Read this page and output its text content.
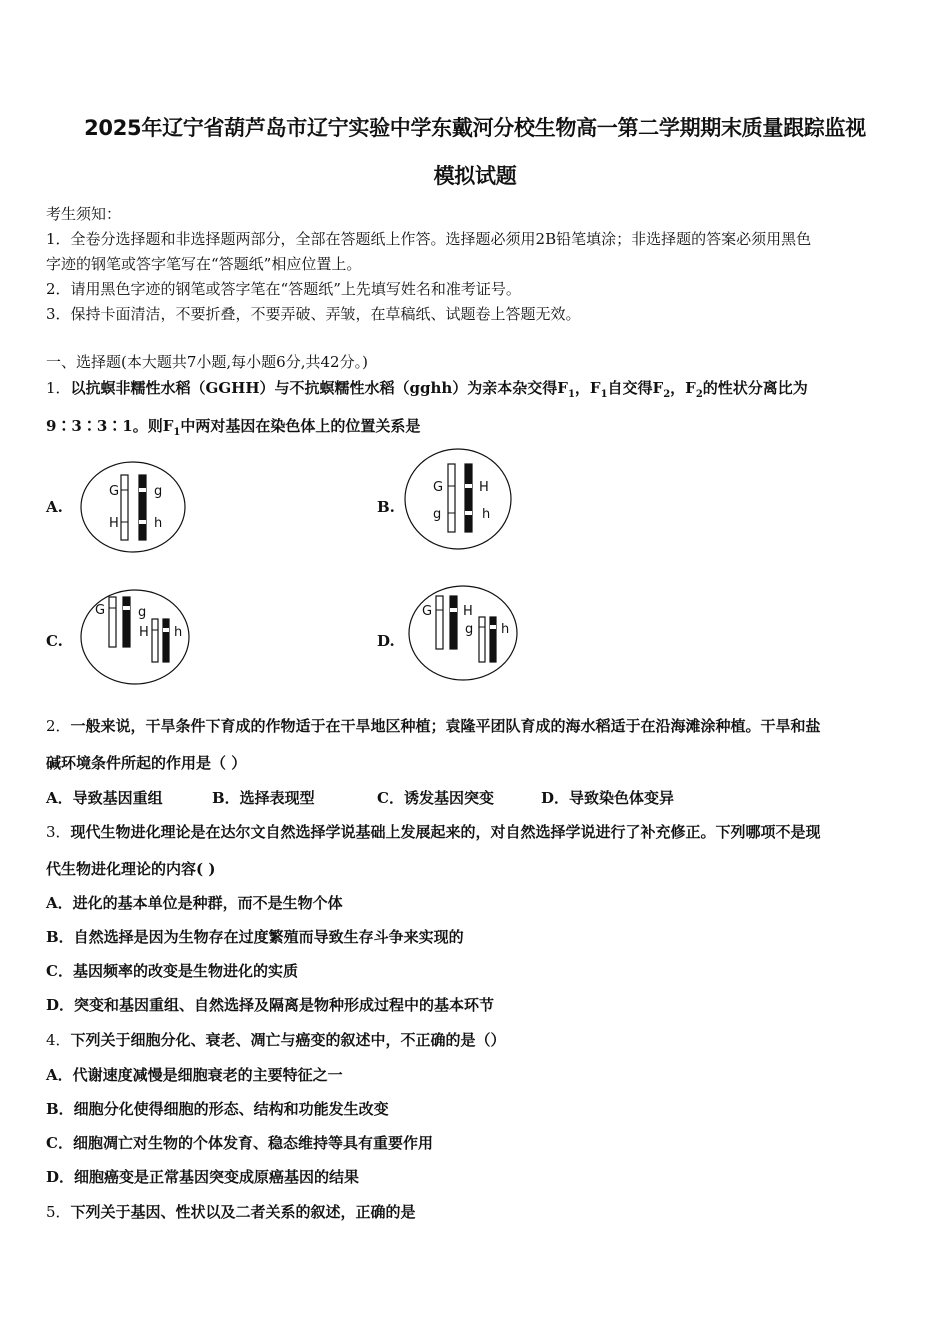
2025年辽宁省葫芦岛市辽宁实验中学东戴河分校生物高一第二学期期末质量跟踪监视
模拟试题
考生须知：
1．全卷分选择题和非选择题两部分，全部在答题纸上作答。选择题必须用2B铅笔填涂；非选择题的答案必须用黑色
字迹的钢笔或答字笔写在“答题纸”相应位置上。
2．请用黑色字迹的钢笔或答字笔在“答题纸”上先填写姓名和准考证号。
3．保持卡面清洁，不要折叠，不要弄破、弄皱，在草稿纸、试题卷上答题无效。
一、选择题(本大题共7小题,每小题6分,共42分。)
1．以抗螟非糯性水稻（GGHH）与不抗螟糯性水稻（gghh）为亲本杂交得$F_1$，$F_1$自交得$F_2$，$F_2$的性状分离比为
9∶3∶3∶1。则$F_1$中两对基因在染色体上的位置关系是
A.
G	g
H	h
B.
G	H
g	h
C.
G	g
H h	D.
G H
g h
2．一般来说，干旱条件下育成的作物适于在干旱地区种植；袁隆平团队育成的海水稻适于在沿海滩涂种植。干旱和盐
碱环境条件所起的作用是（ ）
A．导致基因重组	B．选择表现型	C．诱发基因突变	D．导致染色体变异
3．现代生物进化理论是在达尔文自然选择学说基础上发展起来的，对自然选择学说进行了补充修正。下列哪项不是现
代生物进化理论的内容( )
A．进化的基本单位是种群，而不是生物个体
B．自然选择是因为生物存在过度繁殖而导致生存斗争来实现的
C．基因频率的改变是生物进化的实质
D．突变和基因重组、自然选择及隔离是物种形成过程中的基本环节
4．下列关于细胞分化、衰老、凋亡与癌变的叙述中，不正确的是（）
A．代谢速度减慢是细胞衰老的主要特征之一
B．细胞分化使得细胞的形态、结构和功能发生改变
C．细胞凋亡对生物的个体发育、稳态维持等具有重要作用
D．细胞癌变是正常基因突变成原癌基因的结果
5．下列关于基因、性状以及二者关系的叙述，正确的是
